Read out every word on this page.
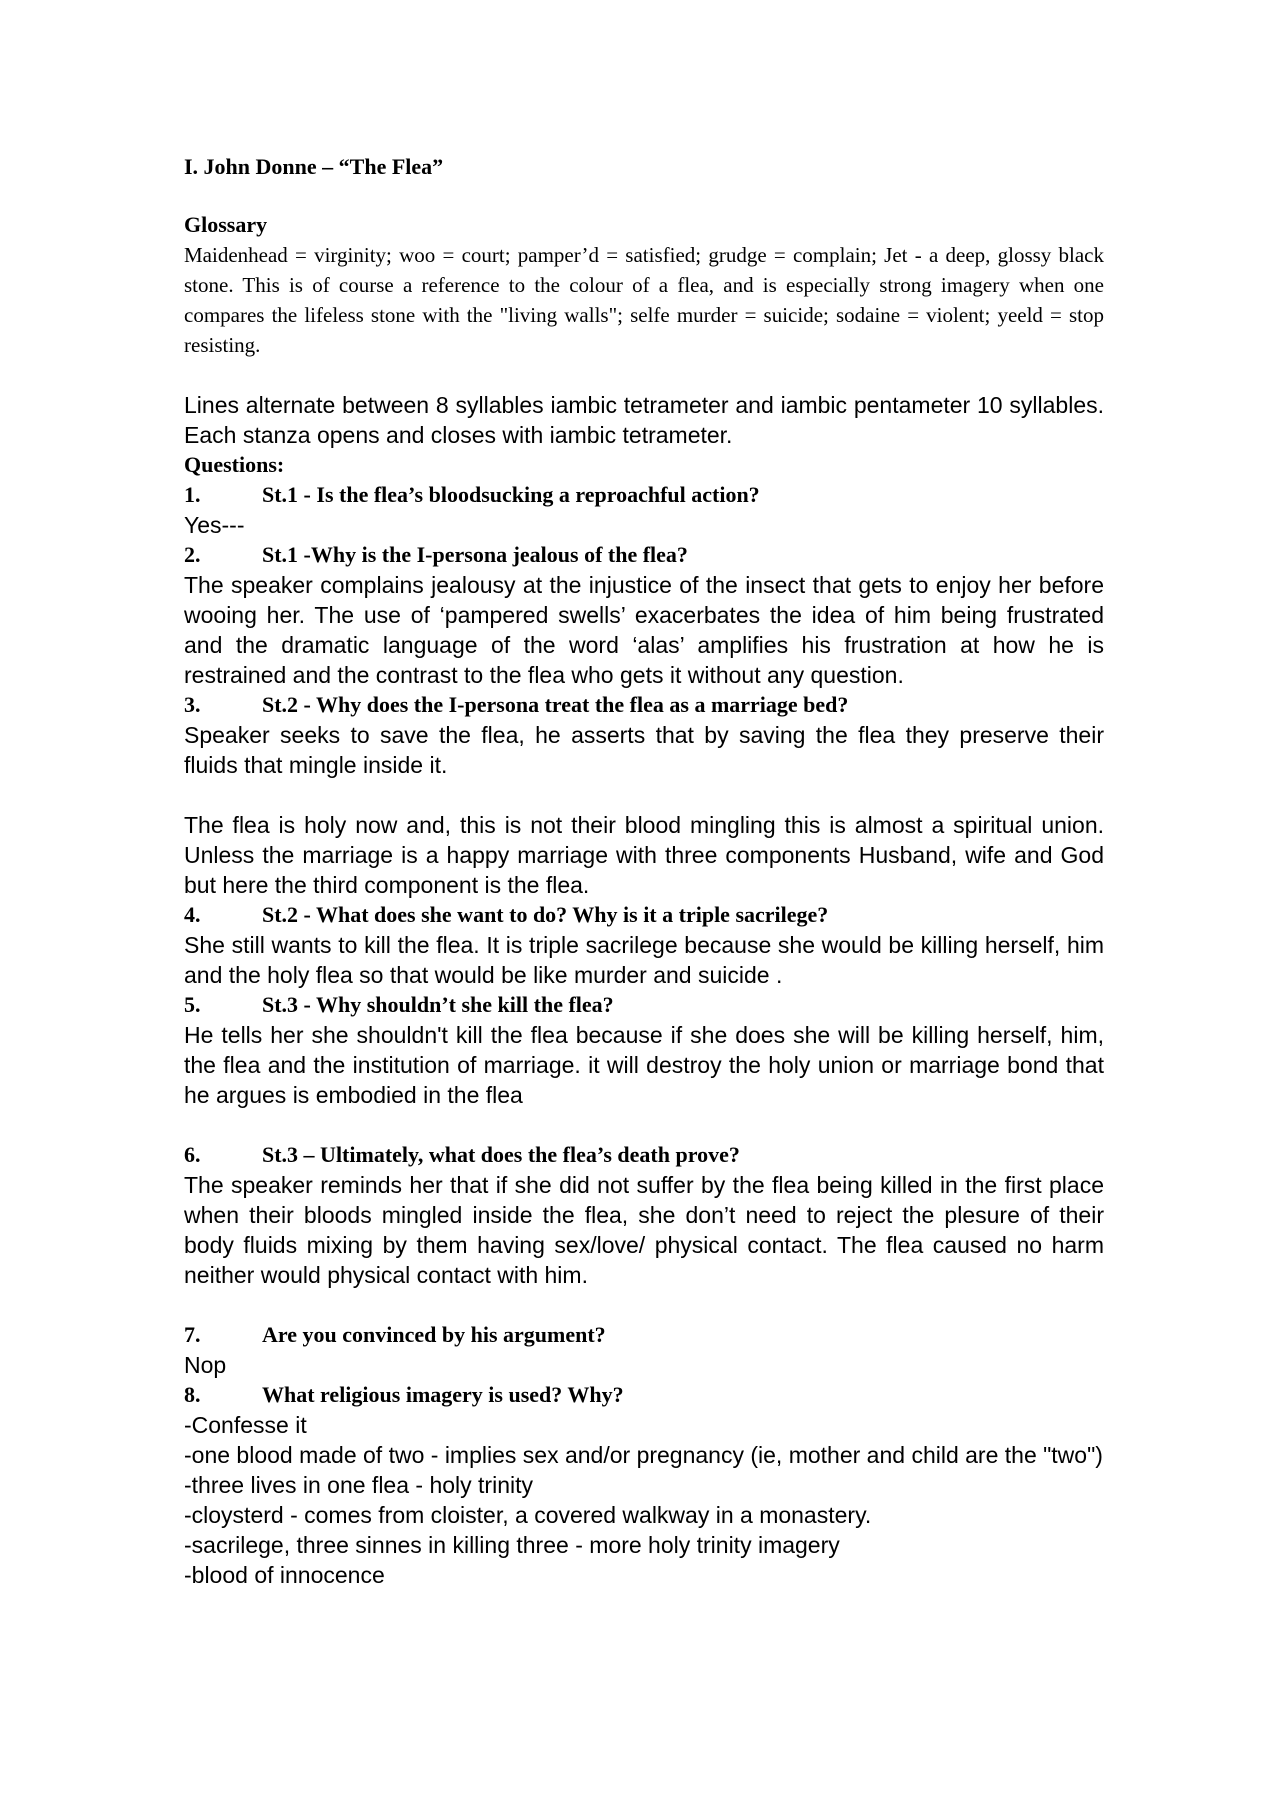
I. John Donne – “The Flea”

Glossary

Maidenhead = virginity; woo = court; pamper’d = satisfied; grudge = complain; Jet - a deep, glossy black stone. This is of course a reference to the colour of a flea, and is especially strong imagery when one compares the lifeless stone with the "living walls"; selfe murder = suicide; sodaine = violent; yeeld = stop resisting.

Lines alternate between 8 syllables iambic tetrameter and iambic pentameter 10 syllables. Each stanza opens and closes with iambic tetrameter.

Questions:

1.	St.1 - Is the flea’s bloodsucking a reproachful action?

Yes---

2.	St.1 -Why is the I-persona jealous of the flea?

The speaker complains jealousy at the injustice of the insect that gets to enjoy her before wooing her. The use of ‘pampered swells’ exacerbates the idea of him being frustrated and the dramatic language of the word ‘alas’ amplifies his frustration at how he is restrained and the contrast to the flea who gets it without any question.

3.	St.2 - Why does the I-persona treat the flea as a marriage bed?

Speaker seeks to save the flea, he asserts that by saving the flea they preserve their fluids that mingle inside it.

The flea is holy now and, this is not their blood mingling this is almost a spiritual union. Unless the marriage is a happy marriage with three components Husband, wife and God but here the third component is the flea.

4.	St.2 - What does she want to do? Why is it a triple sacrilege?

She still wants to kill the flea. It is triple sacrilege because she would be killing herself, him and the holy flea so that would be like murder and suicide .

5.	St.3 - Why shouldn’t she kill the flea?

He tells her she shouldn't kill the flea because if she does she will be killing herself, him, the flea and the institution of marriage. it will destroy the holy union or marriage bond that he argues is embodied in the flea

6.	St.3 – Ultimately, what does the flea’s death prove?

The speaker reminds her that if she did not suffer by the flea being killed in the first place when their bloods mingled inside the flea, she don’t need to reject the plesure of their body fluids mixing by them having sex/love/ physical contact. The flea caused no harm neither would physical contact with him.

7.	Are you convinced by his argument?

Nop

8.	What religious imagery is used? Why?

-Confesse it

-one blood made of two - implies sex and/or pregnancy (ie, mother and child are the "two")

-three lives in one flea - holy trinity

-cloysterd - comes from cloister, a covered walkway in a monastery.

-sacrilege, three sinnes in killing three - more holy trinity imagery

-blood of innocence
